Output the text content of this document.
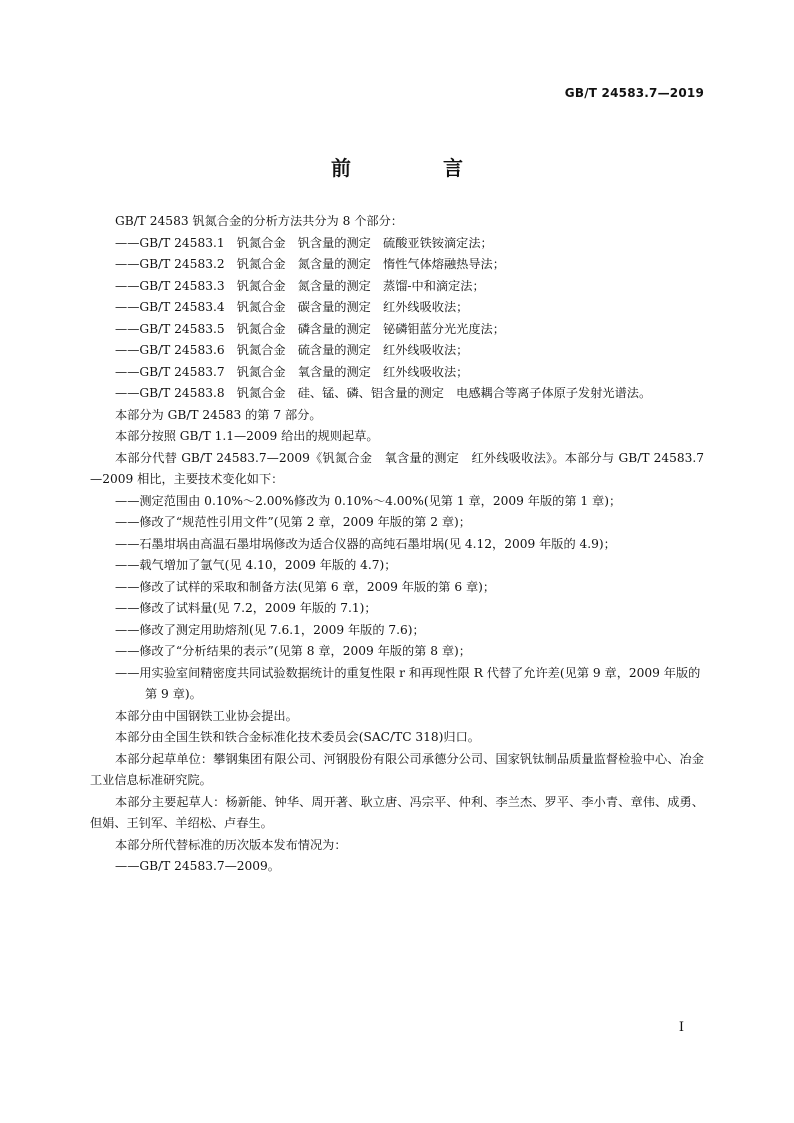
GB/T 24583.7—2019
前　言

GB/T 24583 钒氮合金的分析方法共分为 8 个部分：

——GB/T 24583.1　钒氮合金　钒含量的测定　硫酸亚铁铵滴定法；

——GB/T 24583.2　钒氮合金　氮含量的测定　惰性气体熔融热导法；

——GB/T 24583.3　钒氮合金　氮含量的测定　蒸馏-中和滴定法；

——GB/T 24583.4　钒氮合金　碳含量的测定　红外线吸收法；

——GB/T 24583.5　钒氮合金　磷含量的测定　铋磷钼蓝分光光度法；

——GB/T 24583.6　钒氮合金　硫含量的测定　红外线吸收法；

——GB/T 24583.7　钒氮合金　氧含量的测定　红外线吸收法；

——GB/T 24583.8　钒氮合金　硅、锰、磷、铝含量的测定　电感耦合等离子体原子发射光谱法。

本部分为 GB/T 24583 的第 7 部分。

本部分按照 GB/T 1.1—2009 给出的规则起草。

本部分代替 GB/T 24583.7—2009《钒氮合金　氧含量的测定　红外线吸收法》。本部分与 GB/T 24583.7—2009 相比，主要技术变化如下：

——测定范围由 0.10%～2.00%修改为 0.10%～4.00%(见第 1 章，2009 年版的第 1 章)；

——修改了“规范性引用文件”(见第 2 章，2009 年版的第 2 章)；

——石墨坩埚由高温石墨坩埚修改为适合仪器的高纯石墨坩埚(见 4.12，2009 年版的 4.9)；

——载气增加了氩气(见 4.10，2009 年版的 4.7)；

——修改了试样的采取和制备方法(见第 6 章，2009 年版的第 6 章)；

——修改了试料量(见 7.2，2009 年版的 7.1)；

——修改了测定用助熔剂(见 7.6.1，2009 年版的 7.6)；

——修改了“分析结果的表示”(见第 8 章，2009 年版的第 8 章)；

——用实验室间精密度共同试验数据统计的重复性限 r 和再现性限 R 代替了允许差(见第 9 章，2009 年版的第 9 章)。

本部分由中国钢铁工业协会提出。

本部分由全国生铁和铁合金标准化技术委员会(SAC/TC 318)归口。

本部分起草单位：攀钢集团有限公司、河钢股份有限公司承德分公司、国家钒钛制品质量监督检验中心、冶金工业信息标准研究院。

本部分主要起草人：杨新能、钟华、周开著、耿立唐、冯宗平、仲利、李兰杰、罗平、李小青、章伟、成勇、但娟、王钊军、羊绍松、卢春生。

本部分所代替标准的历次版本发布情况为：

——GB/T 24583.7—2009。

I
